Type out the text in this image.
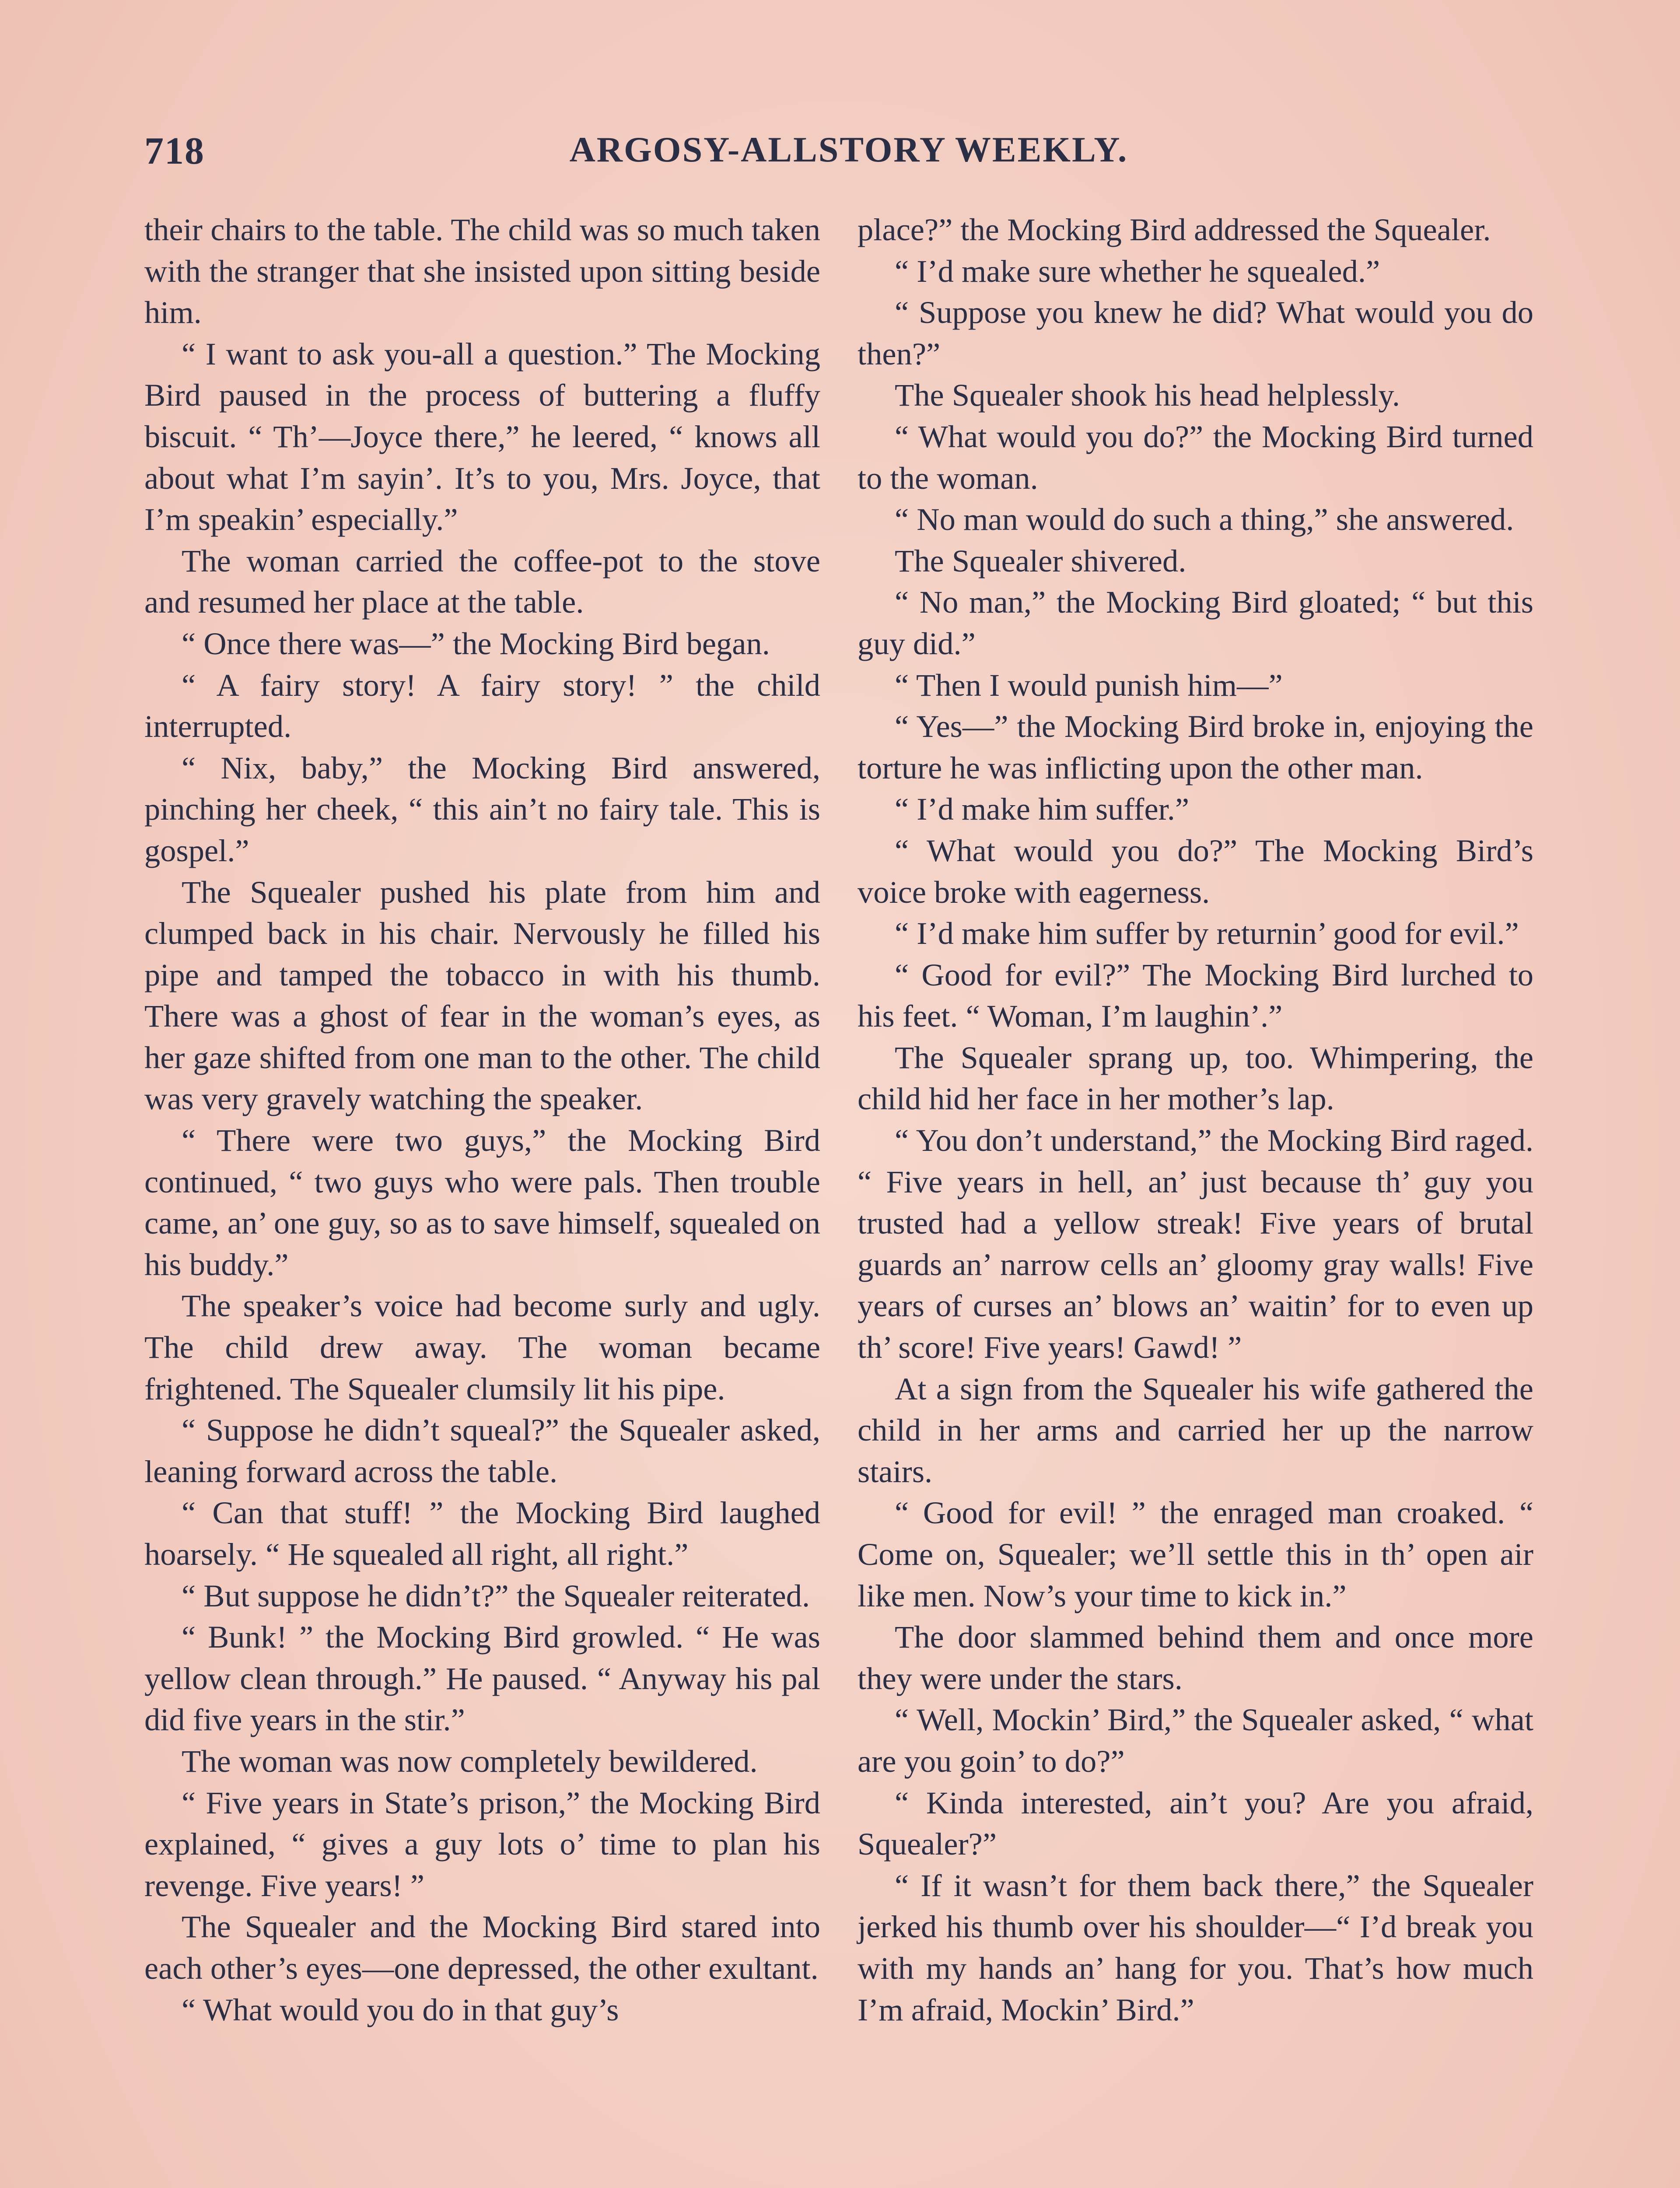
718	ARGOSY-ALLSTORY WEEKLY.

their chairs to the table. The child was so much taken with the stranger that she insisted upon sitting beside him.

“ I want to ask you-all a question.” The Mocking Bird paused in the process of buttering a fluffy biscuit. “ Th’—Joyce there,” he leered, “ knows all about what I’m sayin’. It’s to you, Mrs. Joyce, that I’m speakin’ especially.”

The woman carried the coffee-pot to the stove and resumed her place at the table.

“ Once there was—” the Mocking Bird began.

“ A fairy story! A fairy story! ” the child interrupted.

“ Nix, baby,” the Mocking Bird answered, pinching her cheek, “ this ain’t no fairy tale. This is gospel.”

The Squealer pushed his plate from him and clumped back in his chair. Nervously he filled his pipe and tamped the tobacco in with his thumb. There was a ghost of fear in the woman’s eyes, as her gaze shifted from one man to the other. The child was very gravely watching the speaker.

“ There were two guys,” the Mocking Bird continued, “ two guys who were pals. Then trouble came, an’ one guy, so as to save himself, squealed on his buddy.”

The speaker’s voice had become surly and ugly. The child drew away. The woman became frightened. The Squealer clumsily lit his pipe.

“ Suppose he didn’t squeal?” the Squealer asked, leaning forward across the table.

“ Can that stuff! ” the Mocking Bird laughed hoarsely. “ He squealed all right, all right.”

“ But suppose he didn’t?” the Squealer reiterated.

“ Bunk! ” the Mocking Bird growled. “ He was yellow clean through.” He paused. “ Anyway his pal did five years in the stir.”

The woman was now completely bewildered.

“ Five years in State’s prison,” the Mocking Bird explained, “ gives a guy lots o’ time to plan his revenge. Five years! ”

The Squealer and the Mocking Bird stared into each other’s eyes—one depressed, the other exultant.

“ What would you do in that guy’s

place?” the Mocking Bird addressed the Squealer.

“ I’d make sure whether he squealed.”

“ Suppose you knew he did? What would you do then?”

The Squealer shook his head helplessly.

“ What would you do?” the Mocking Bird turned to the woman.

“ No man would do such a thing,” she answered.

The Squealer shivered.

“ No man,” the Mocking Bird gloated; “ but this guy did.”

“ Then I would punish him—”

“ Yes—” the Mocking Bird broke in, enjoying the torture he was inflicting upon the other man.

“ I’d make him suffer.”

“ What would you do?” The Mocking Bird’s voice broke with eagerness.

“ I’d make him suffer by returnin’ good for evil.”

“ Good for evil?” The Mocking Bird lurched to his feet. “ Woman, I’m laughin’.”

The Squealer sprang up, too. Whimpering, the child hid her face in her mother’s lap.

“ You don’t understand,” the Mocking Bird raged. “ Five years in hell, an’ just because th’ guy you trusted had a yellow streak! Five years of brutal guards an’ narrow cells an’ gloomy gray walls! Five years of curses an’ blows an’ waitin’ for to even up th’ score! Five years! Gawd! ”

At a sign from the Squealer his wife gathered the child in her arms and carried her up the narrow stairs.

“ Good for evil! ” the enraged man croaked. “ Come on, Squealer; we’ll settle this in th’ open air like men. Now’s your time to kick in.”

The door slammed behind them and once more they were under the stars.

“ Well, Mockin’ Bird,” the Squealer asked, “ what are you goin’ to do?”

“ Kinda interested, ain’t you? Are you afraid, Squealer?”

“ If it wasn’t for them back there,” the Squealer jerked his thumb over his shoulder—“ I’d break you with my hands an’ hang for you. That’s how much I’m afraid, Mockin’ Bird.”
